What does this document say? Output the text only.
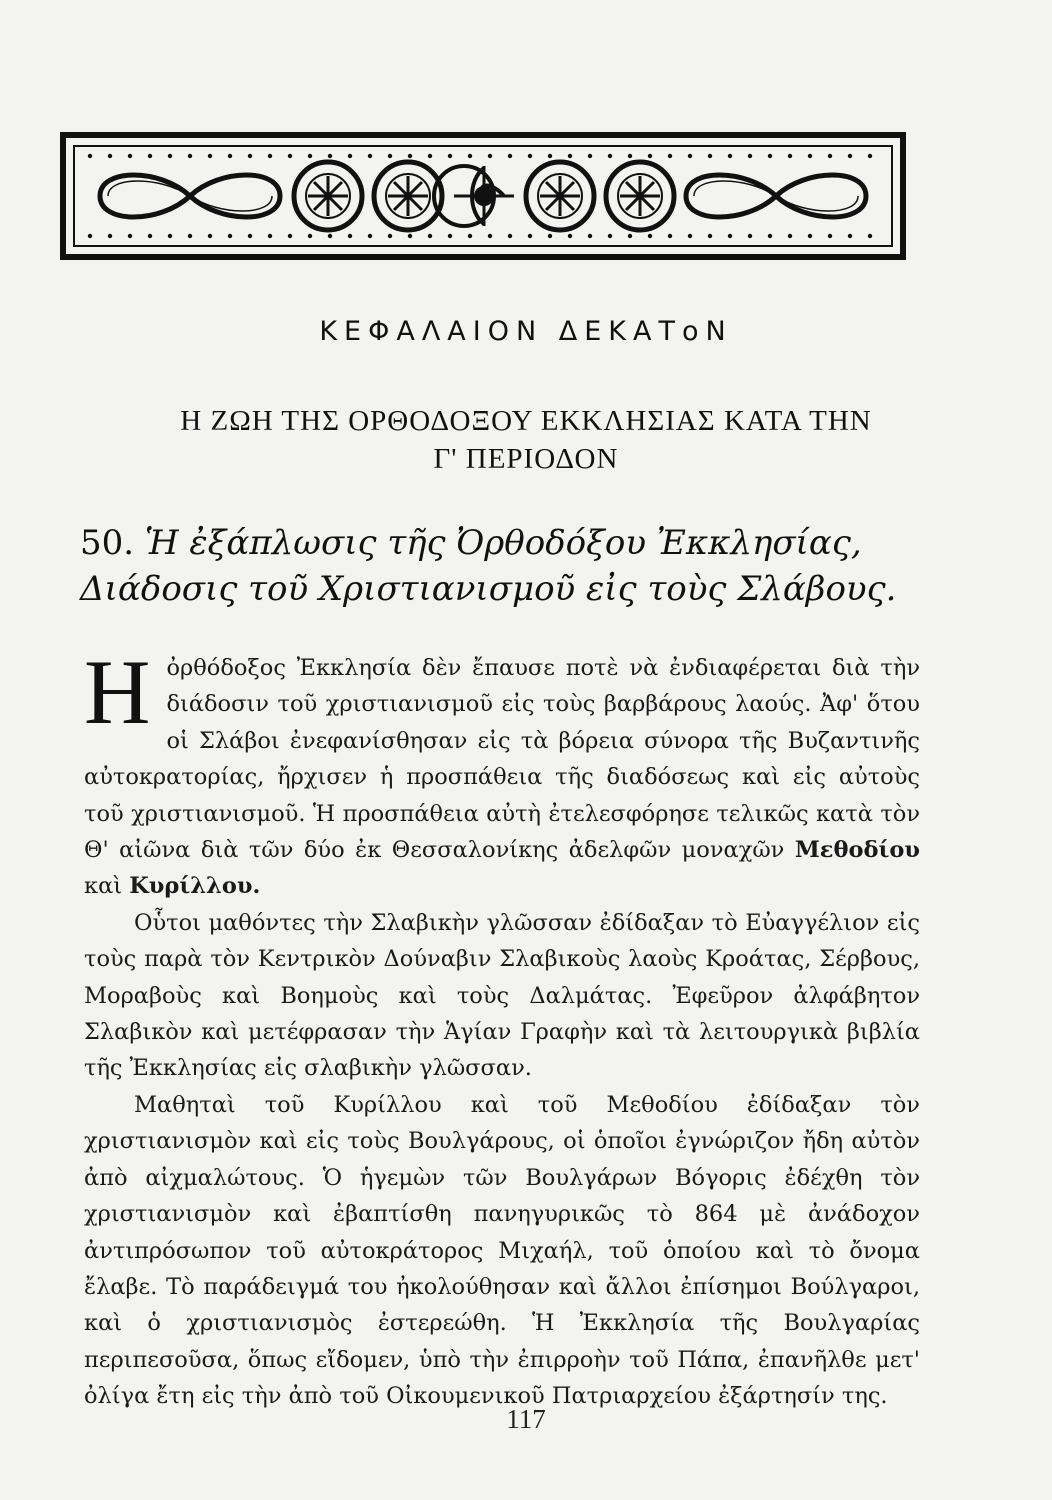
ΚΕΦΑΛΑΙΟΝ ΔΕΚΑΤοΝ
Η ΖΩΗ ΤΗΣ ΟΡΘΟΔΟΞΟΥ ΕΚΚΛΗΣΙΑΣ ΚΑΤΑ ΤΗΝ
Γ' ΠΕΡΙΟΔΟΝ
50. Ἡ ἐξάπλωσις τῆς Ὀρθοδόξου Ἐκκλησίας, Διάδοσις τοῦ Χριστιανισμοῦ εἰς τοὺς Σλάβους.

Ηὀρθόδοξος Ἐκκλησία δὲν ἔπαυσε ποτὲ νὰ ἐνδιαφέρεται διὰ τὴν διάδοσιν τοῦ χριστιανισμοῦ εἰς τοὺς βαρβάρους λαούς. Ἀφ' ὅτου οἱ Σλάβοι ἐνεφανίσθησαν εἰς τὰ βόρεια σύνορα τῆς Βυζαντινῆς αὐτοκρατορίας, ἤρχισεν ἡ προσπάθεια τῆς διαδόσεως καὶ εἰς αὐτοὺς τοῦ χριστιανισμοῦ. Ἡ προσπάθεια αὐτὴ ἐτελεσφόρησε τελικῶς κατὰ τὸν Θ' αἰῶνα διὰ τῶν δύο ἐκ Θεσσαλονίκης ἀδελφῶν μοναχῶν Μεθοδίου καὶ Κυρίλλου.

Οὗτοι μαθόντες τὴν Σλαβικὴν γλῶσσαν ἐδίδαξαν τὸ Εὐαγγέλιον εἰς τοὺς παρὰ τὸν Κεντρικὸν Δούναβιν Σλαβικοὺς λαοὺς Κροάτας, Σέρβους, Μοραβοὺς καὶ Βοημοὺς καὶ τοὺς Δαλμάτας. Ἐφεῦρον ἀλφάβητον Σλαβικὸν καὶ μετέφρασαν τὴν Ἁγίαν Γραφὴν καὶ τὰ λειτουργικὰ βιβλία τῆς Ἐκκλησίας εἰς σλαβικὴν γλῶσσαν.

Μαθηταὶ τοῦ Κυρίλλου καὶ τοῦ Μεθοδίου ἐδίδαξαν τὸν χριστιανισμὸν καὶ εἰς τοὺς Βουλγάρους, οἱ ὁποῖοι ἐγνώριζον ἤδη αὐτὸν ἀπὸ αἰχμαλώτους. Ὁ ἡγεμὼν τῶν Βουλγάρων Βόγορις ἐδέχθη τὸν χριστιανισμὸν καὶ ἐβαπτίσθη πανηγυρικῶς τὸ 864 μὲ ἀνάδοχον ἀντιπρόσωπον τοῦ αὐτοκράτορος Μιχαήλ, τοῦ ὁποίου καὶ τὸ ὄνομα ἔλαβε. Τὸ παράδειγμά του ἠκολούθησαν καὶ ἄλλοι ἐπίσημοι Βούλγαροι, καὶ ὁ χριστιανισμὸς ἐστερεώθη. Ἡ Ἐκκλησία τῆς Βουλγαρίας περιπεσοῦσα, ὅπως εἴδομεν, ὑπὸ τὴν ἐπιρροὴν τοῦ Πάπα, ἐπανῆλθε μετ' ὀλίγα ἔτη εἰς τὴν ἀπὸ τοῦ Οἰκουμενικοῦ Πατριαρχείου ἐξάρτησίν της.

117
